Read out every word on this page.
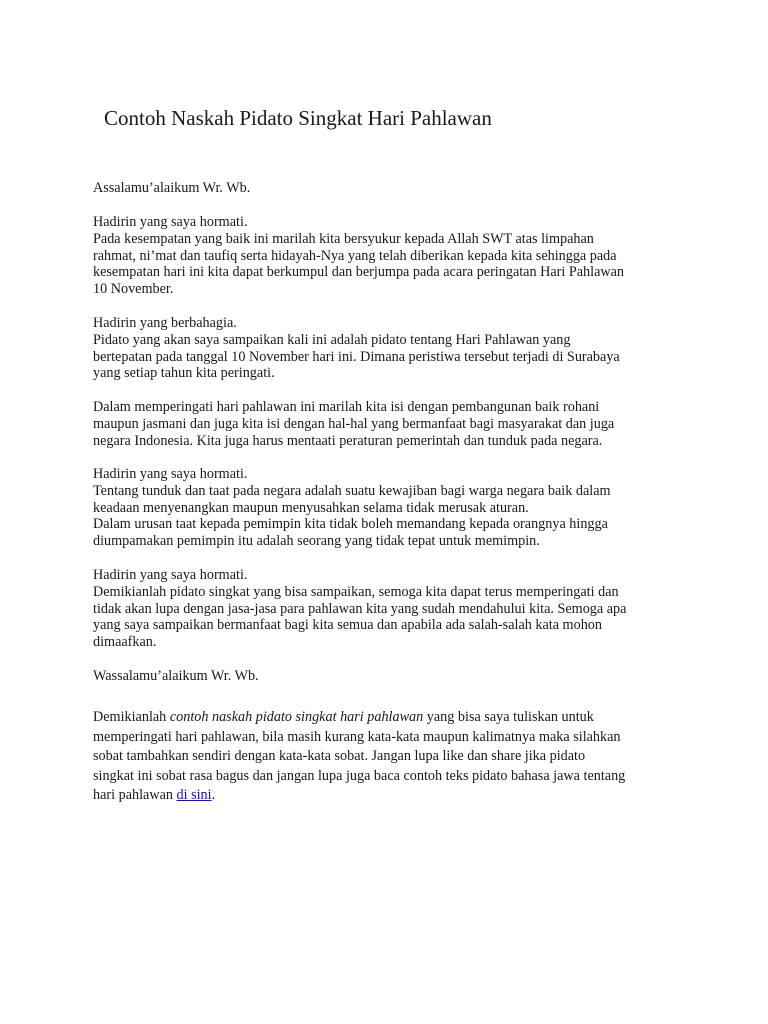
Contoh Naskah Pidato Singkat Hari Pahlawan
Assalamu’alaikum Wr. Wb.
Hadirin yang saya hormati.
Pada kesempatan yang baik ini marilah kita bersyukur kepada Allah SWT atas limpahan
rahmat, ni’mat dan taufiq serta hidayah-Nya yang telah diberikan kepada kita sehingga pada
kesempatan hari ini kita dapat berkumpul dan berjumpa pada acara peringatan Hari Pahlawan
10 November.
Hadirin yang berbahagia.
Pidato yang akan saya sampaikan kali ini adalah pidato tentang Hari Pahlawan yang
bertepatan pada tanggal 10 November hari ini. Dimana peristiwa tersebut terjadi di Surabaya
yang setiap tahun kita peringati.
Dalam memperingati hari pahlawan ini marilah kita isi dengan pembangunan baik rohani
maupun jasmani dan juga kita isi dengan hal-hal yang bermanfaat bagi masyarakat dan juga
negara Indonesia. Kita juga harus mentaati peraturan pemerintah dan tunduk pada negara.
Hadirin yang saya hormati.
Tentang tunduk dan taat pada negara adalah suatu kewajiban bagi warga negara baik dalam
keadaan menyenangkan maupun menyusahkan selama tidak merusak aturan.
Dalam urusan taat kepada pemimpin kita tidak boleh memandang kepada orangnya hingga
diumpamakan pemimpin itu adalah seorang yang tidak tepat untuk memimpin.
Hadirin yang saya hormati.
Demikianlah pidato singkat yang bisa sampaikan, semoga kita dapat terus memperingati dan
tidak akan lupa dengan jasa-jasa para pahlawan kita yang sudah mendahului kita. Semoga apa
yang saya sampaikan bermanfaat bagi kita semua dan apabila ada salah-salah kata mohon
dimaafkan.
Wassalamu’alaikum Wr. Wb.
Demikianlah contoh naskah pidato singkat hari pahlawan yang bisa saya tuliskan untuk
memperingati hari pahlawan, bila masih kurang kata-kata maupun kalimatnya maka silahkan
sobat tambahkan sendiri dengan kata-kata sobat. Jangan lupa like dan share jika pidato
singkat ini sobat rasa bagus dan jangan lupa juga baca contoh teks pidato bahasa jawa tentang
hari pahlawan di sini.
